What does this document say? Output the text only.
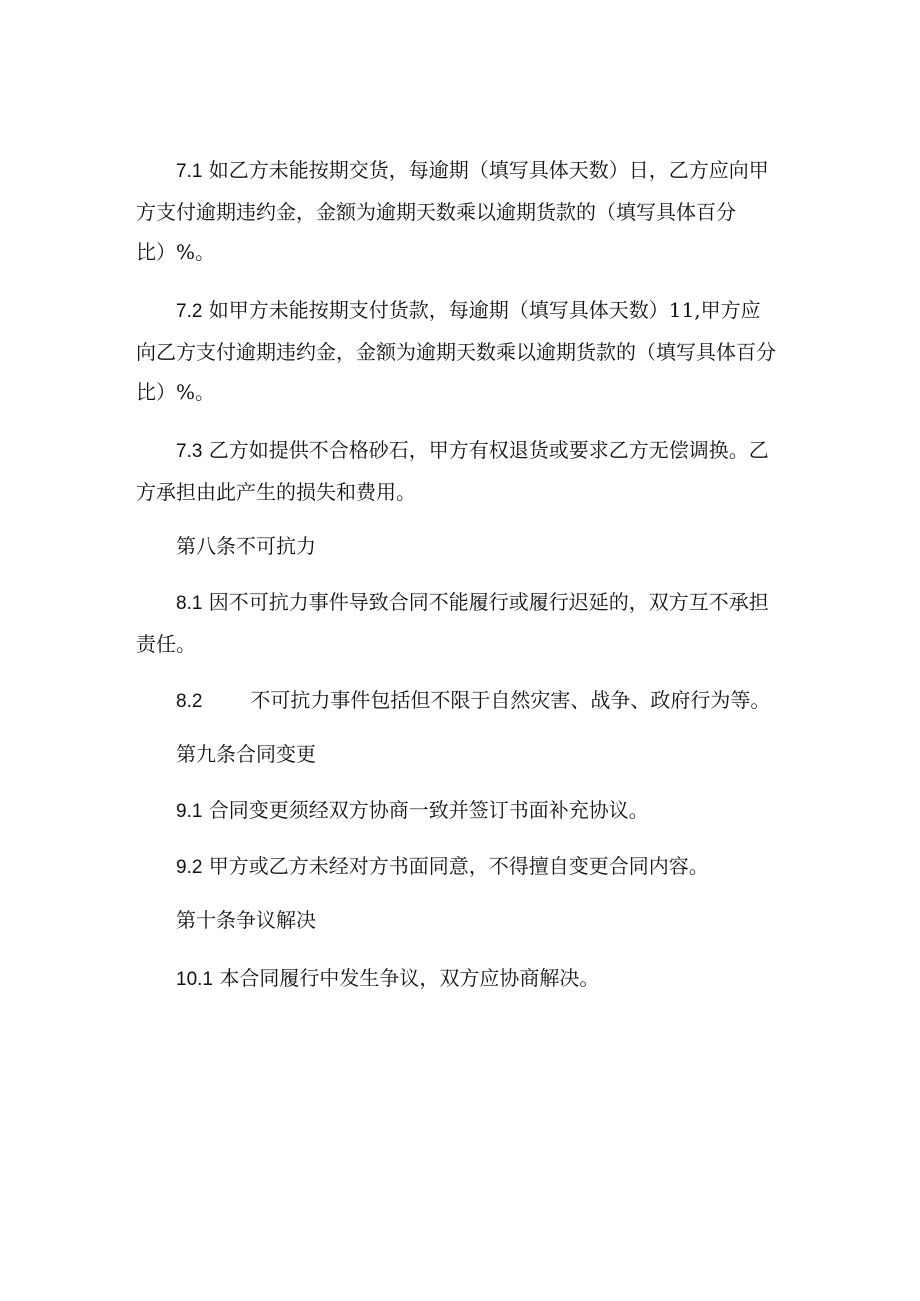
7.1 如乙方未能按期交货，每逾期（填写具体天数）日，乙方应向甲
方支付逾期违约金，金额为逾期天数乘以逾期货款的（填写具体百分
比）%。
7.2 如甲方未能按期支付货款，每逾期（填写具体天数）11,甲方应
向乙方支付逾期违约金，金额为逾期天数乘以逾期货款的（填写具体百分
比）%。
7.3 乙方如提供不合格砂石，甲方有权退货或要求乙方无偿调换。乙
方承担由此产生的损失和费用。
第八条不可抗力
8.1 因不可抗力事件导致合同不能履行或履行迟延的，双方互不承担
责任。
8.2 不可抗力事件包括但不限于自然灾害、战争、政府行为等。
第九条合同变更
9.1 合同变更须经双方协商一致并签订书面补充协议。
9.2 甲方或乙方未经对方书面同意，不得擅自变更合同内容。
第十条争议解决
10.1 本合同履行中发生争议，双方应协商解决。
